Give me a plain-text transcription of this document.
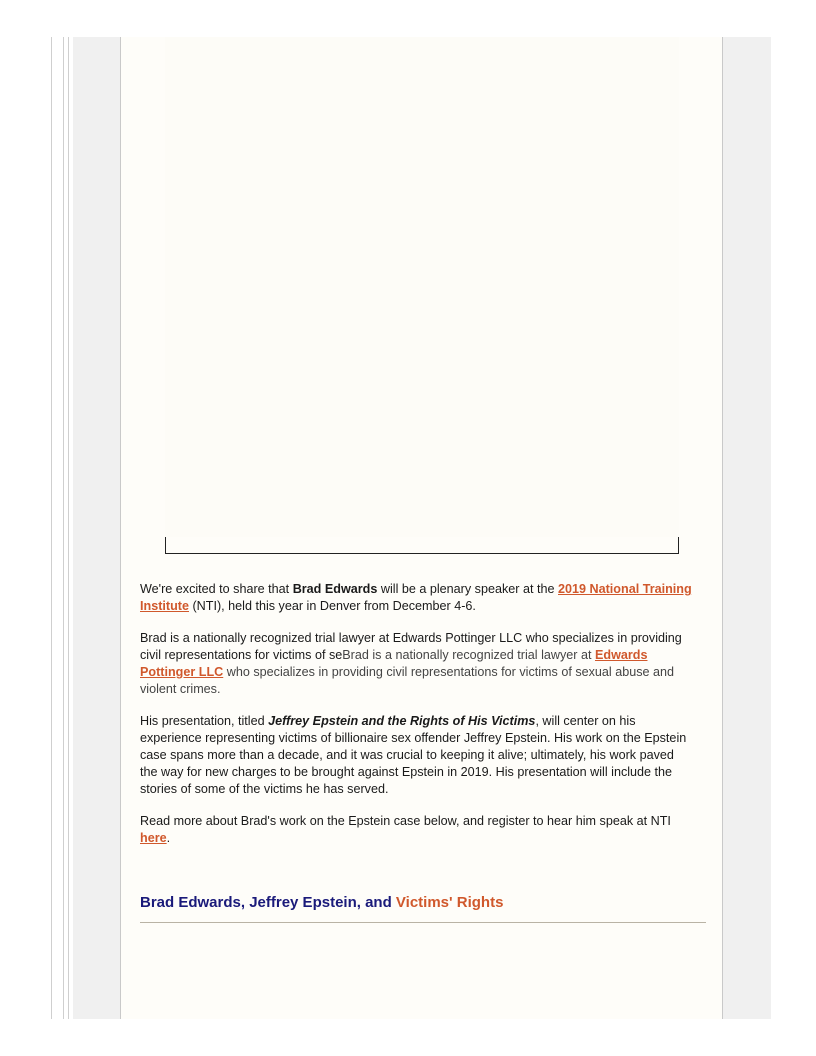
We're excited to share that Brad Edwards will be a plenary speaker at the 2019 National Training Institute (NTI), held this year in Denver from December 4-6.

Brad is a nationally recognized trial lawyer at Edwards Pottinger LLC who specializes in providing civil representations for victims of seBrad is a nationally recognized trial lawyer at Edwards Pottinger LLC who specializes in providing civil representations for victims of sexual abuse and violent crimes.

His presentation, titled Jeffrey Epstein and the Rights of His Victims, will center on his experience representing victims of billionaire sex offender Jeffrey Epstein. His work on the Epstein case spans more than a decade, and it was crucial to keeping it alive; ultimately, his work paved the way for new charges to be brought against Epstein in 2019. His presentation will include the stories of some of the victims he has served.

Read more about Brad's work on the Epstein case below, and register to hear him speak at NTI here.

Brad Edwards, Jeffrey Epstein, and Victims' Rights
